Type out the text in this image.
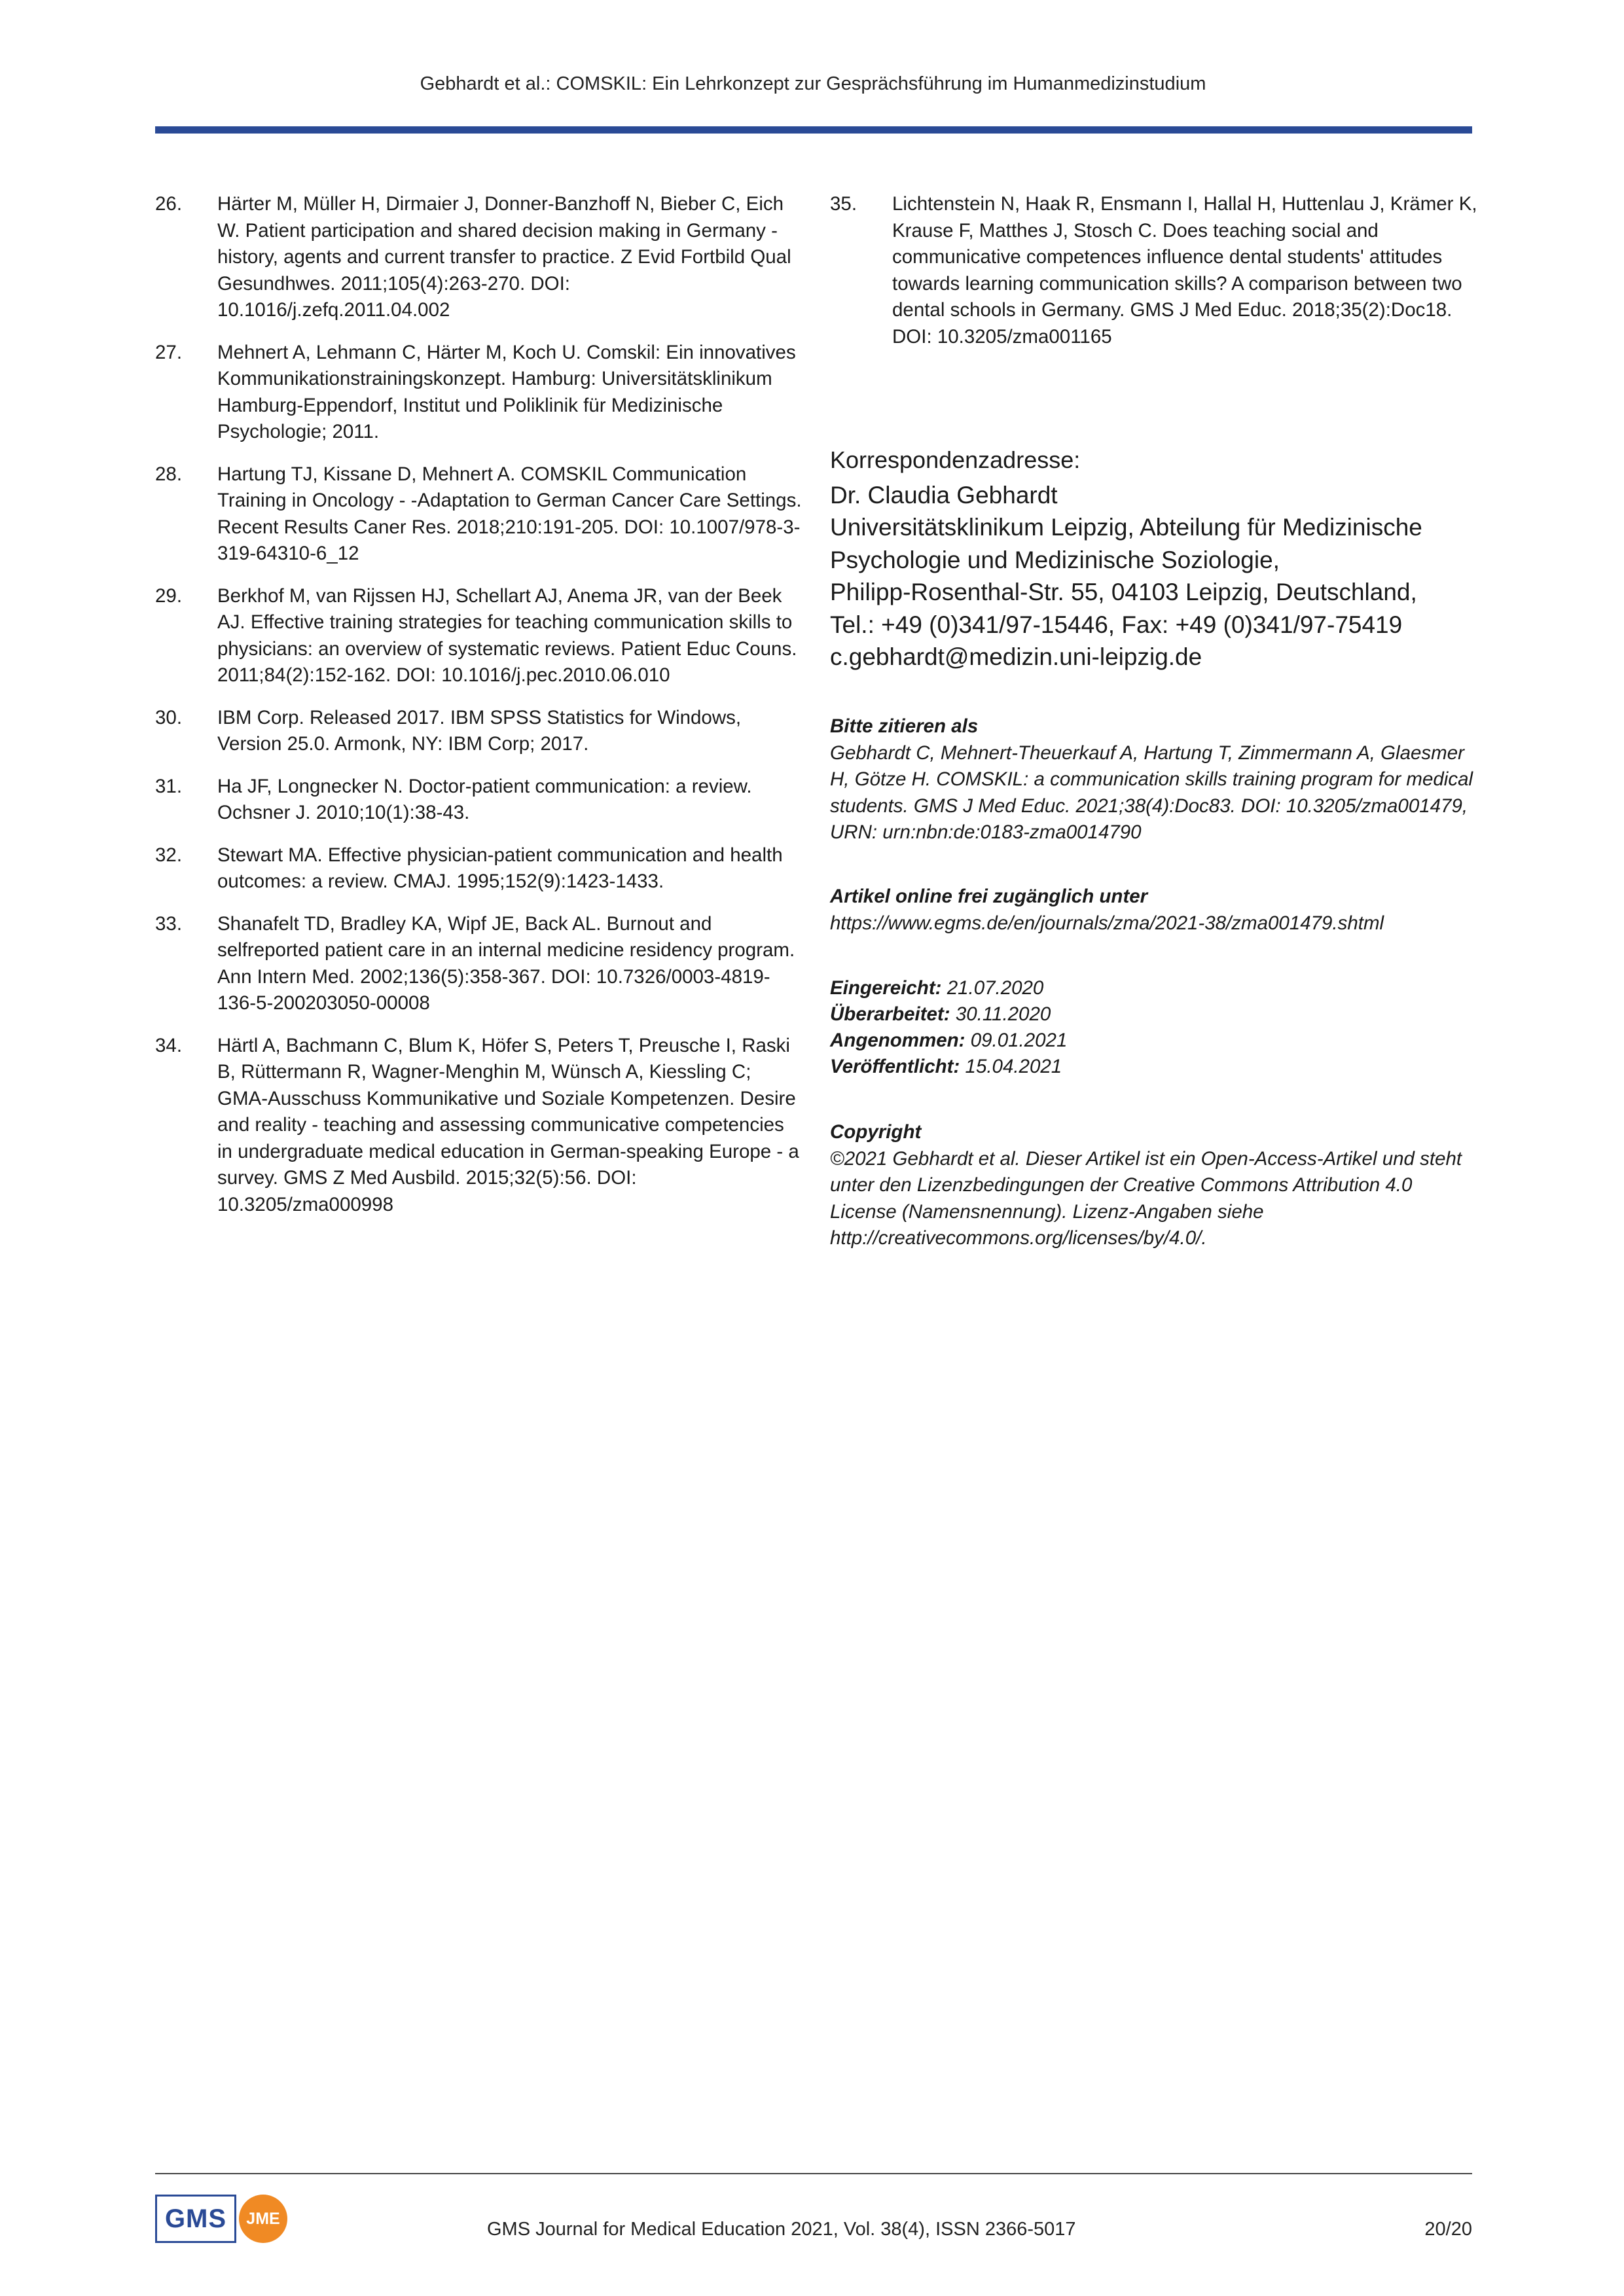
Gebhardt et al.: COMSKIL: Ein Lehrkonzept zur Gesprächsführung im Humanmedizinstudium
26.	Härter M, Müller H, Dirmaier J, Donner-Banzhoff N, Bieber C, Eich W. Patient participation and shared decision making in Germany - history, agents and current transfer to practice. Z Evid Fortbild Qual Gesundhwes. 2011;105(4):263-270. DOI: 10.1016/j.zefq.2011.04.002
27.	Mehnert A, Lehmann C, Härter M, Koch U. Comskil: Ein innovatives Kommunikationstrainingskonzept. Hamburg: Universitätsklinikum Hamburg-Eppendorf, Institut und Poliklinik für Medizinische Psychologie; 2011.
28.	Hartung TJ, Kissane D, Mehnert A. COMSKIL Communication Training in Oncology - -Adaptation to German Cancer Care Settings. Recent Results Caner Res. 2018;210:191-205. DOI: 10.1007/978-3-319-64310-6_12
29.	Berkhof M, van Rijssen HJ, Schellart AJ, Anema JR, van der Beek AJ. Effective training strategies for teaching communication skills to physicians: an overview of systematic reviews. Patient Educ Couns. 2011;84(2):152-162. DOI: 10.1016/j.pec.2010.06.010
30.	IBM Corp. Released 2017. IBM SPSS Statistics for Windows, Version 25.0. Armonk, NY: IBM Corp; 2017.
31.	Ha JF, Longnecker N. Doctor-patient communication: a review. Ochsner J. 2010;10(1):38-43.
32.	Stewart MA. Effective physician-patient communication and health outcomes: a review. CMAJ. 1995;152(9):1423-1433.
33.	Shanafelt TD, Bradley KA, Wipf JE, Back AL. Burnout and selfreported patient care in an internal medicine residency program. Ann Intern Med. 2002;136(5):358-367. DOI: 10.7326/0003-4819-136-5-200203050-00008
34.	Härtl A, Bachmann C, Blum K, Höfer S, Peters T, Preusche I, Raski B, Rüttermann R, Wagner-Menghin M, Wünsch A, Kiessling C; GMA-Ausschuss Kommunikative und Soziale Kompetenzen. Desire and reality - teaching and assessing communicative competencies in undergraduate medical education in German-speaking Europe - a survey. GMS Z Med Ausbild. 2015;32(5):56. DOI: 10.3205/zma000998
35.	Lichtenstein N, Haak R, Ensmann I, Hallal H, Huttenlau J, Krämer K, Krause F, Matthes J, Stosch C. Does teaching social and communicative competences influence dental students' attitudes towards learning communication skills? A comparison between two dental schools in Germany. GMS J Med Educ. 2018;35(2):Doc18. DOI: 10.3205/zma001165
Korrespondenzadresse:
Dr. Claudia Gebhardt
Universitätsklinikum Leipzig, Abteilung für Medizinische
Psychologie und Medizinische Soziologie,
Philipp-Rosenthal-Str. 55, 04103 Leipzig, Deutschland,
Tel.: +49 (0)341/97-15446, Fax: +49 (0)341/97-75419
c.gebhardt@medizin.uni-leipzig.de
Bitte zitieren als
Gebhardt C, Mehnert-Theuerkauf A, Hartung T, Zimmermann A, Glaesmer H, Götze H. COMSKIL: a communication skills training program for medical students. GMS J Med Educ. 2021;38(4):Doc83. DOI: 10.3205/zma001479, URN: urn:nbn:de:0183-zma0014790
Artikel online frei zugänglich unter
https://www.egms.de/en/journals/zma/2021-38/zma001479.shtml
Eingereicht: 21.07.2020
Überarbeitet: 30.11.2020
Angenommen: 09.01.2021
Veröffentlicht: 15.04.2021
Copyright
©2021 Gebhardt et al. Dieser Artikel ist ein Open-Access-Artikel und steht unter den Lizenzbedingungen der Creative Commons Attribution 4.0 License (Namensnennung). Lizenz-Angaben siehe http://creativecommons.org/licenses/by/4.0/.
GMS	JME
GMS Journal for Medical Education 2021, Vol. 38(4), ISSN 2366-5017	20/20
